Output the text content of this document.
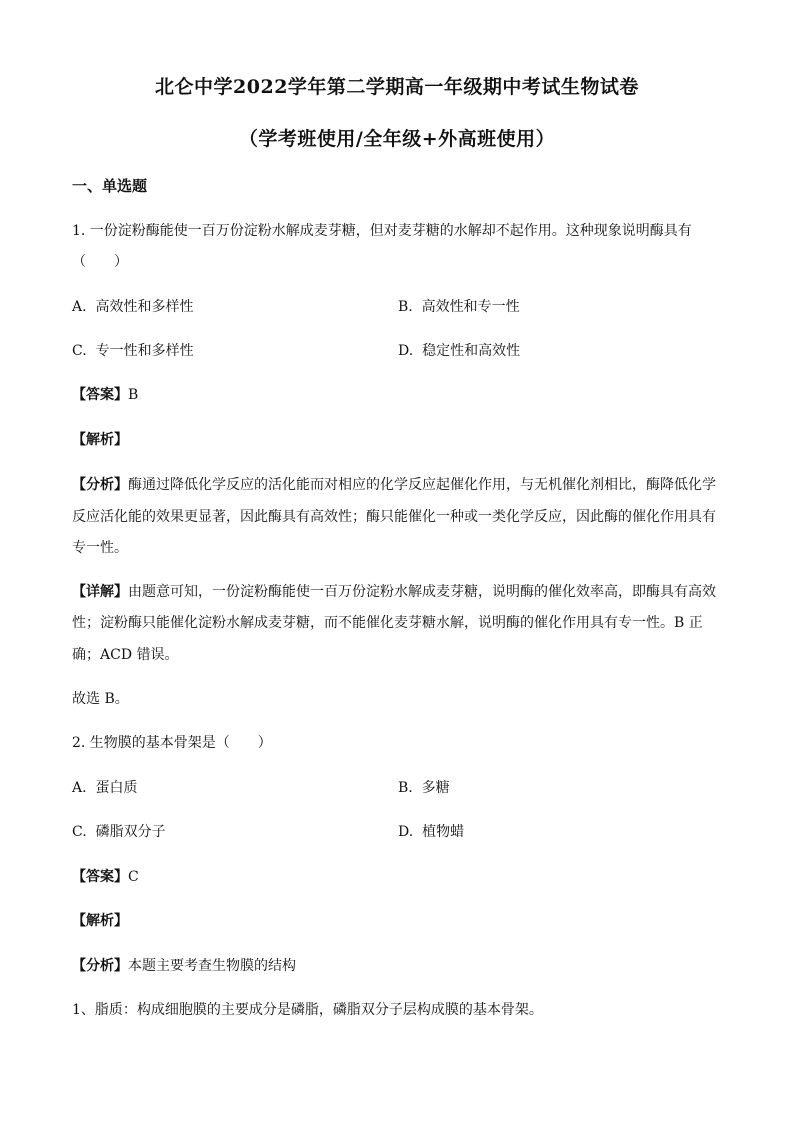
北仑中学2022学年第二学期高一年级期中考试生物试卷
（学考班使用/全年级+外高班使用）
一、单选题
1. 一份淀粉酶能使一百万份淀粉水解成麦芽糖，但对麦芽糖的水解却不起作用。这种现象说明酶具有
（　　）
A.  高效性和多样性	B.  高效性和专一性
C.  专一性和多样性	D.  稳定性和高效性
【答案】B
【解析】
【分析】酶通过降低化学反应的活化能而对相应的化学反应起催化作用，与无机催化剂相比，酶降低化学
反应活化能的效果更显著，因此酶具有高效性；酶只能催化一种或一类化学反应，因此酶的催化作用具有
专一性。
【详解】由题意可知，一份淀粉酶能使一百万份淀粉水解成麦芽糖，说明酶的催化效率高，即酶具有高效
性；淀粉酶只能催化淀粉水解成麦芽糖，而不能催化麦芽糖水解，说明酶的催化作用具有专一性。B 正
确；ACD 错误。
故选 B。
2. 生物膜的基本骨架是（　　）
A.  蛋白质	B.  多糖
C.  磷脂双分子	D.  植物蜡
【答案】C
【解析】
【分析】本题主要考查生物膜的结构
1、脂质：构成细胞膜的主要成分是磷脂，磷脂双分子层构成膜的基本骨架。
